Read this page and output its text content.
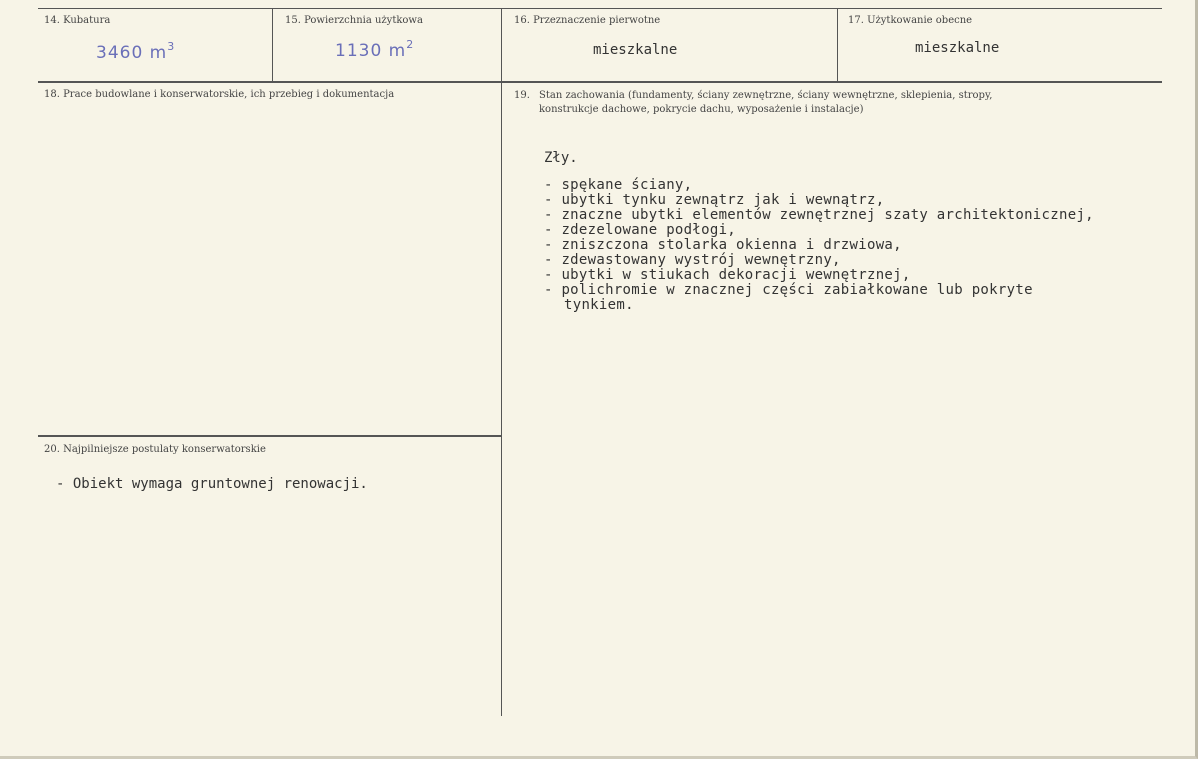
14. Kubatura
3460 $m^3$
15. Powierzchnia użytkowa
1130 $m^2$
16. Przeznaczenie pierwotne
mieszkalne
17. Użytkowanie obecne
mieszkalne
18. Prace budowlane i konserwatorskie, ich przebieg i dokumentacja	19. Stan zachowania (fundamenty, ściany zewnętrzne, ściany wewnętrzne, sklepienia, stropy,
konstrukcje dachowe, pokrycie dachu, wyposażenie i instalacje)
Zły.
- spękane ściany,
- ubytki tynku zewnątrz jak i wewnątrz,
- znaczne ubytki elementów zewnętrznej szaty architektonicznej,
- zdezelowane podłogi,
- zniszczona stolarka okienna i drzwiowa,
- zdewastowany wystrój wewnętrzny,
- ubytki w stiukach dekoracji wewnętrznej,
- polichromie w znacznej części zabiałkowane lub pokryte
tynkiem.
20. Najpilniejsze postulaty konserwatorskie
- Obiekt wymaga gruntownej renowacji.
